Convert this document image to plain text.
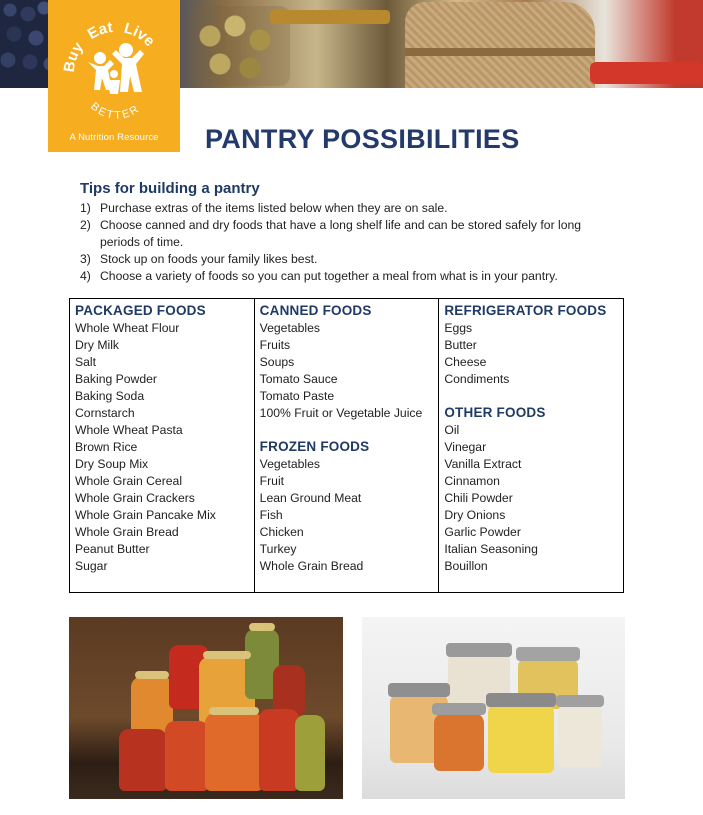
Buy Eat Live
BETTER
A Nutrition Resource	PANTRY POSSIBILITIES
Tips for building a pantry
1) Purchase extras of the items listed below when they are on sale.
2) Choose canned and dry foods that have a long shelf life and can be stored safely for long periods of time.
3) Stock up on foods your family likes best.
4) Choose a variety of foods so you can put together a meal from what is in your pantry.
PACKAGED FOODS
Whole Wheat Flour
Dry Milk
Salt
Baking Powder
Baking Soda
Cornstarch
Whole Wheat Pasta
Brown Rice
Dry Soup Mix
Whole Grain Cereal
Whole Grain Crackers
Whole Grain Pancake Mix
Whole Grain Bread
Peanut Butter
Sugar
CANNED FOODS
Vegetables
Fruits
Soups
Tomato Sauce
Tomato Paste
100% Fruit or Vegetable Juice
FROZEN FOODS
Vegetables
Fruit
Lean Ground Meat
Fish
Chicken
Turkey
Whole Grain Bread
REFRIGERATOR FOODS
Eggs
Butter
Cheese
Condiments
OTHER FOODS
Oil
Vinegar
Vanilla Extract
Cinnamon
Chili Powder
Dry Onions
Garlic Powder
Italian Seasoning
Bouillon
